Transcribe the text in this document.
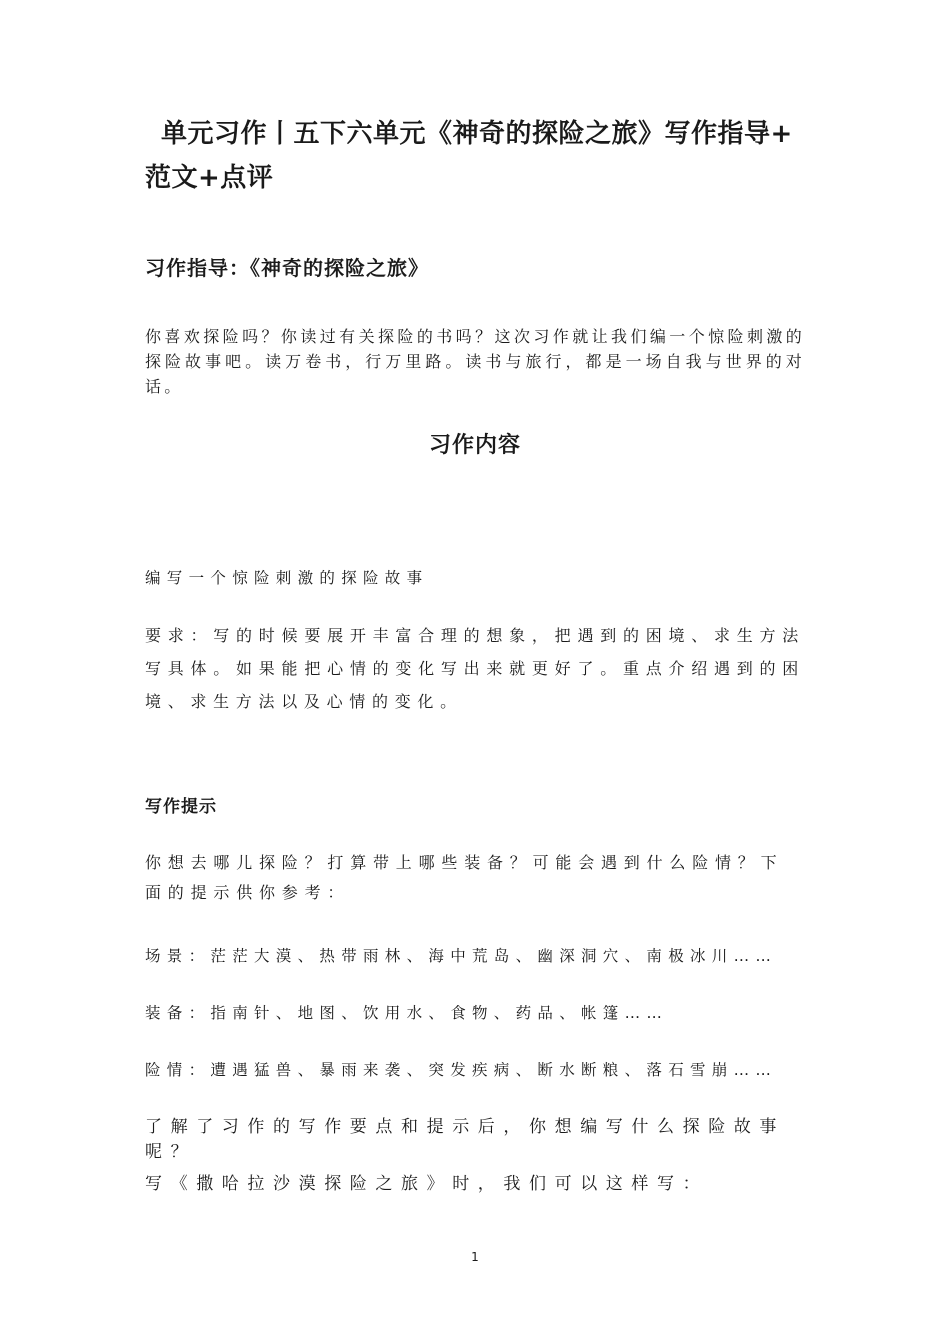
单元习作丨五下六单元《神奇的探险之旅》写作指导+
范文+点评
习作指导：《神奇的探险之旅》

你喜欢探险吗？你读过有关探险的书吗？这次习作就让我们编一个惊险刺激的探险故事吧。读万卷书，行万里路。读书与旅行，都是一场自我与世界的对话。

习作内容

编写一个惊险刺激的探险故事

要求：写的时候要展开丰富合理的想象，把遇到的困境、求生方法写具体。如果能把心情的变化写出来就更好了。重点介绍遇到的困境、求生方法以及心情的变化。

写作提示

你想去哪儿探险？打算带上哪些装备？可能会遇到什么险情？下面的提示供你参考：

场景：茫茫大漠、热带雨林、海中荒岛、幽深洞穴、南极冰川……

装备：指南针、地图、饮用水、食物、药品、帐篷……

险情：遭遇猛兽、暴雨来袭、突发疾病、断水断粮、落石雪崩……

了解了习作的写作要点和提示后，你想编写什么探险故事呢？

写《撒哈拉沙漠探险之旅》时，我们可以这样写：

1
